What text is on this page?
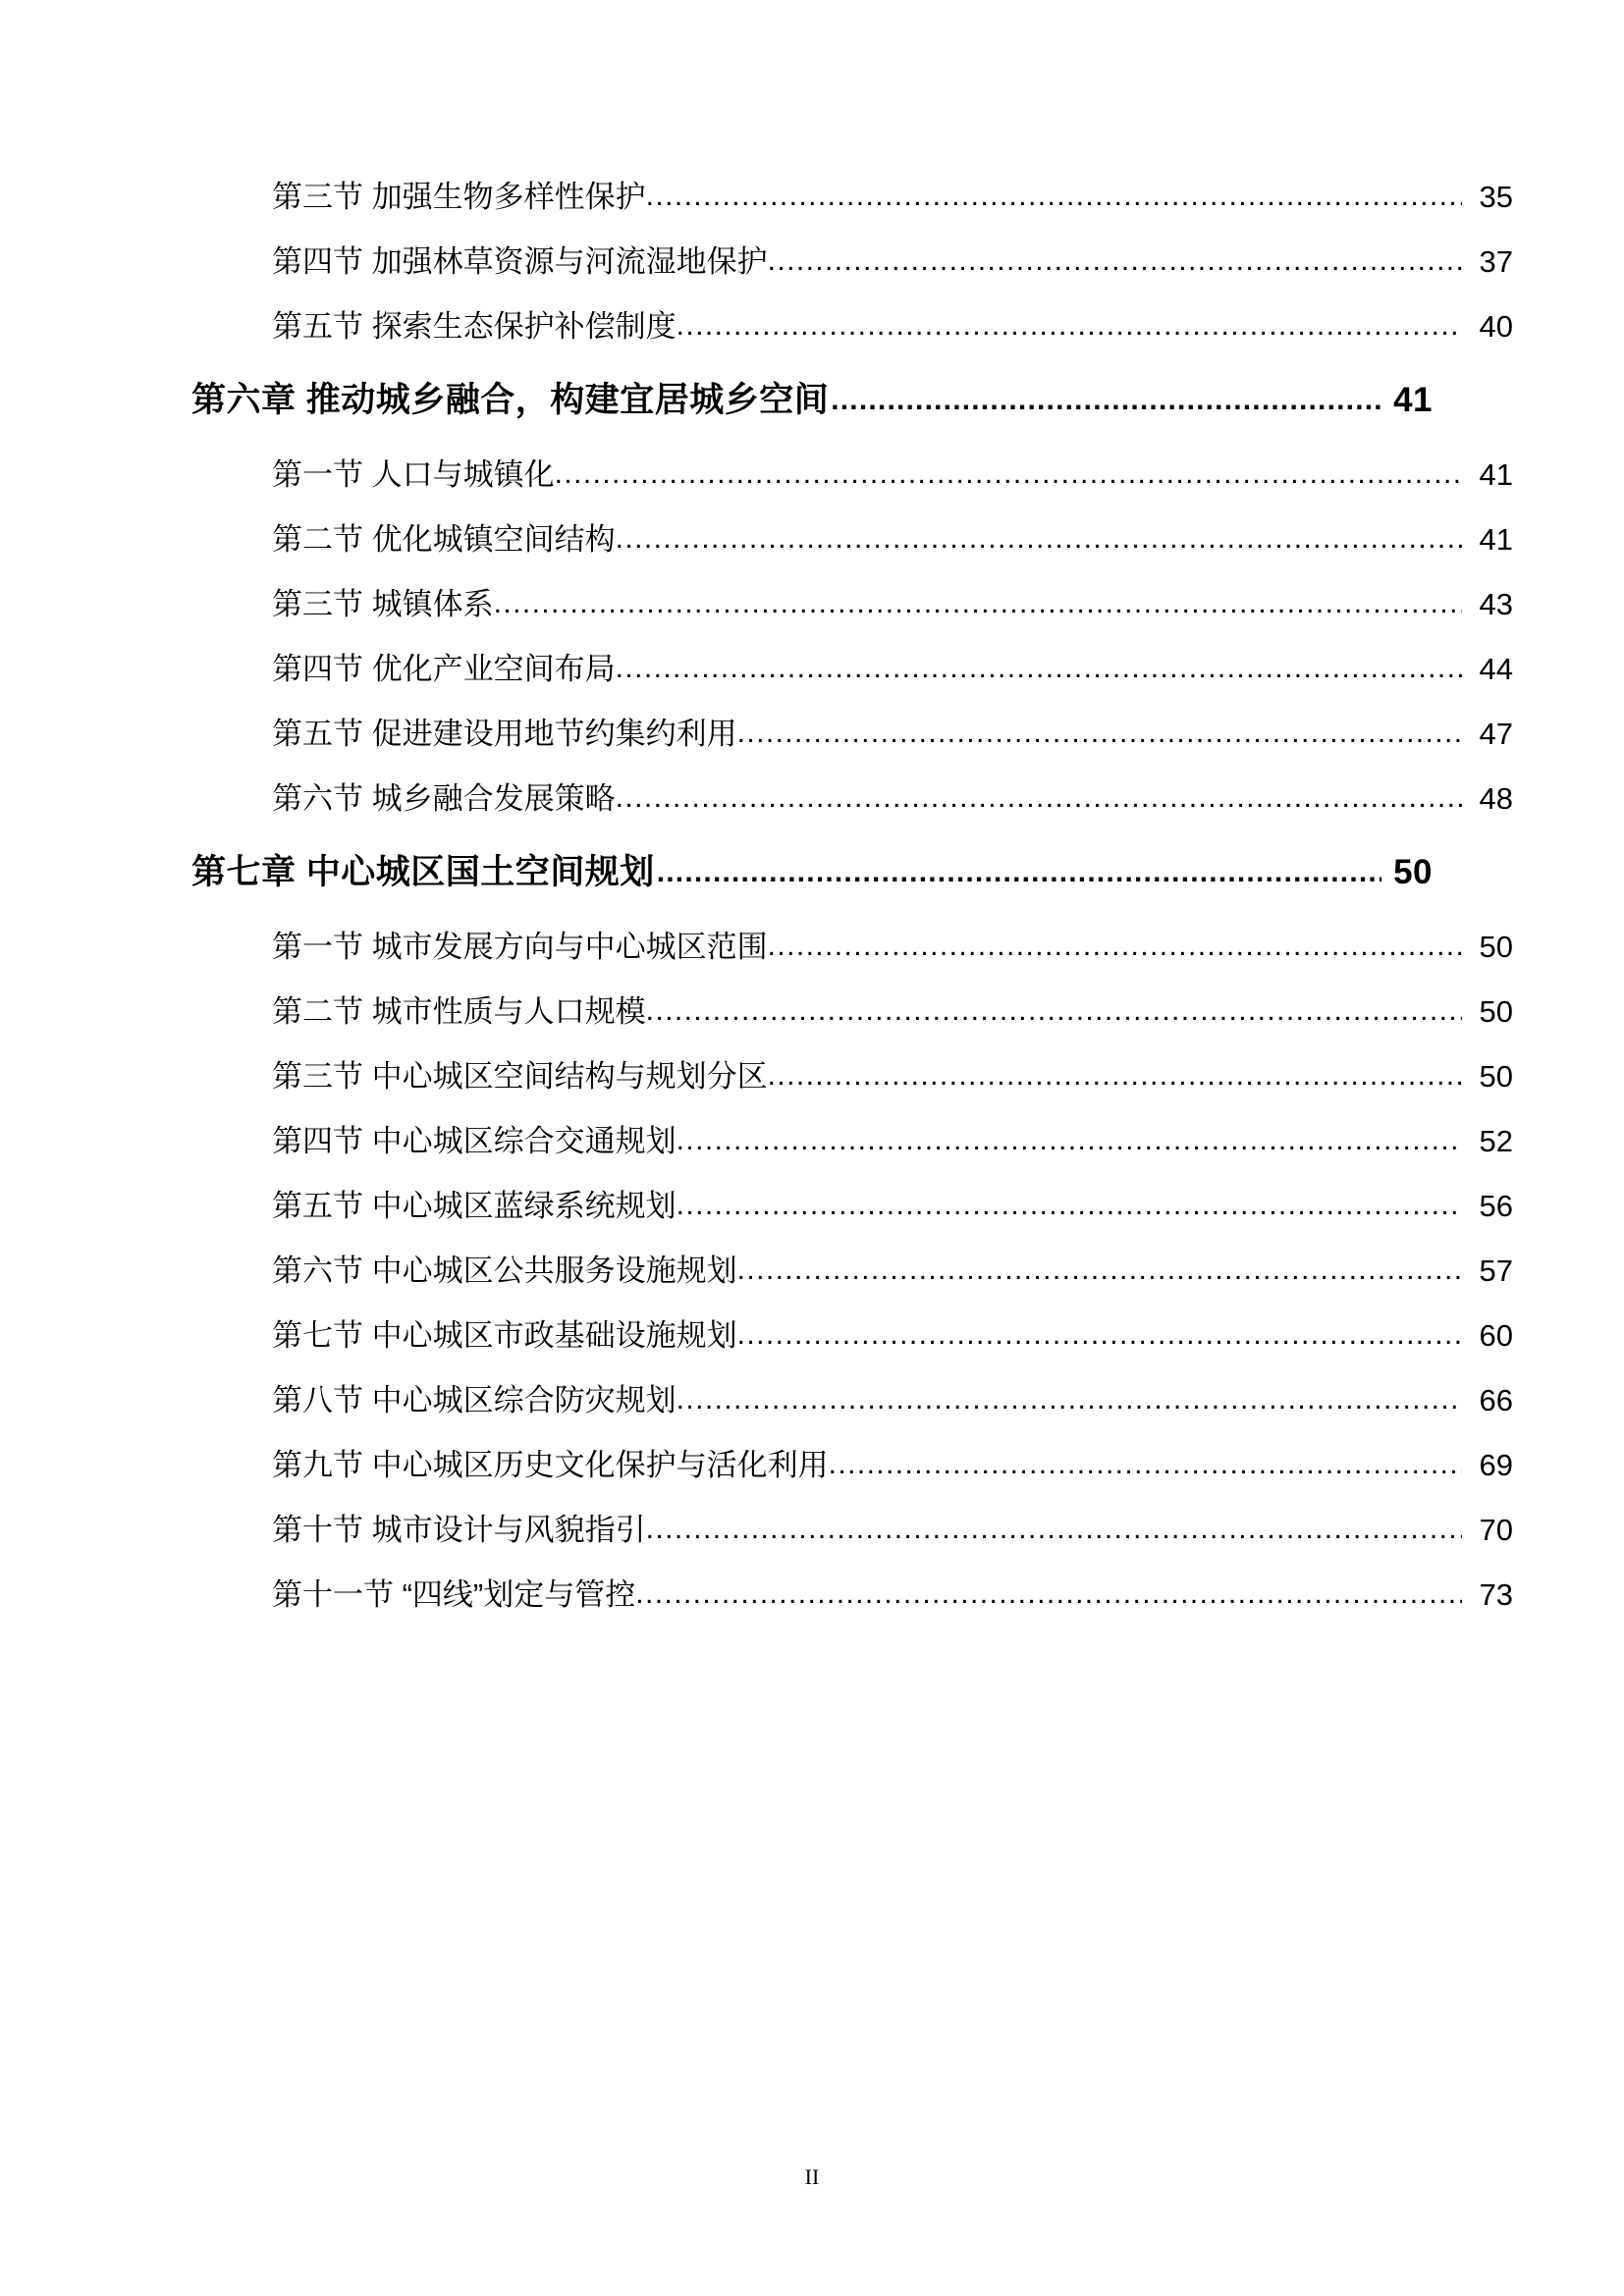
第三节 加强生物多样性保护 .....	35
第四节 加强林草资源与河流湿地保护 .....	37
第五节 探索生态保护补偿制度 .....	40
第六章 推动城乡融合，构建宜居城乡空间 .....	41
第一节 人口与城镇化 .....	41
第二节 优化城镇空间结构 .....	41
第三节 城镇体系 .....	43
第四节 优化产业空间布局 .....	44
第五节 促进建设用地节约集约利用 .....	47
第六节 城乡融合发展策略 .....	48
第七章 中心城区国土空间规划 .....	50
第一节 城市发展方向与中心城区范围 .....	50
第二节 城市性质与人口规模 .....	50
第三节 中心城区空间结构与规划分区 .....	50
第四节 中心城区综合交通规划 .....	52
第五节 中心城区蓝绿系统规划 .....	56
第六节 中心城区公共服务设施规划 .....	57
第七节 中心城区市政基础设施规划 .....	60
第八节 中心城区综合防灾规划 .....	66
第九节 中心城区历史文化保护与活化利用 .....	69
第十节 城市设计与风貌指引 .....	70
第十一节 “四线”划定与管控 .....	73
II
